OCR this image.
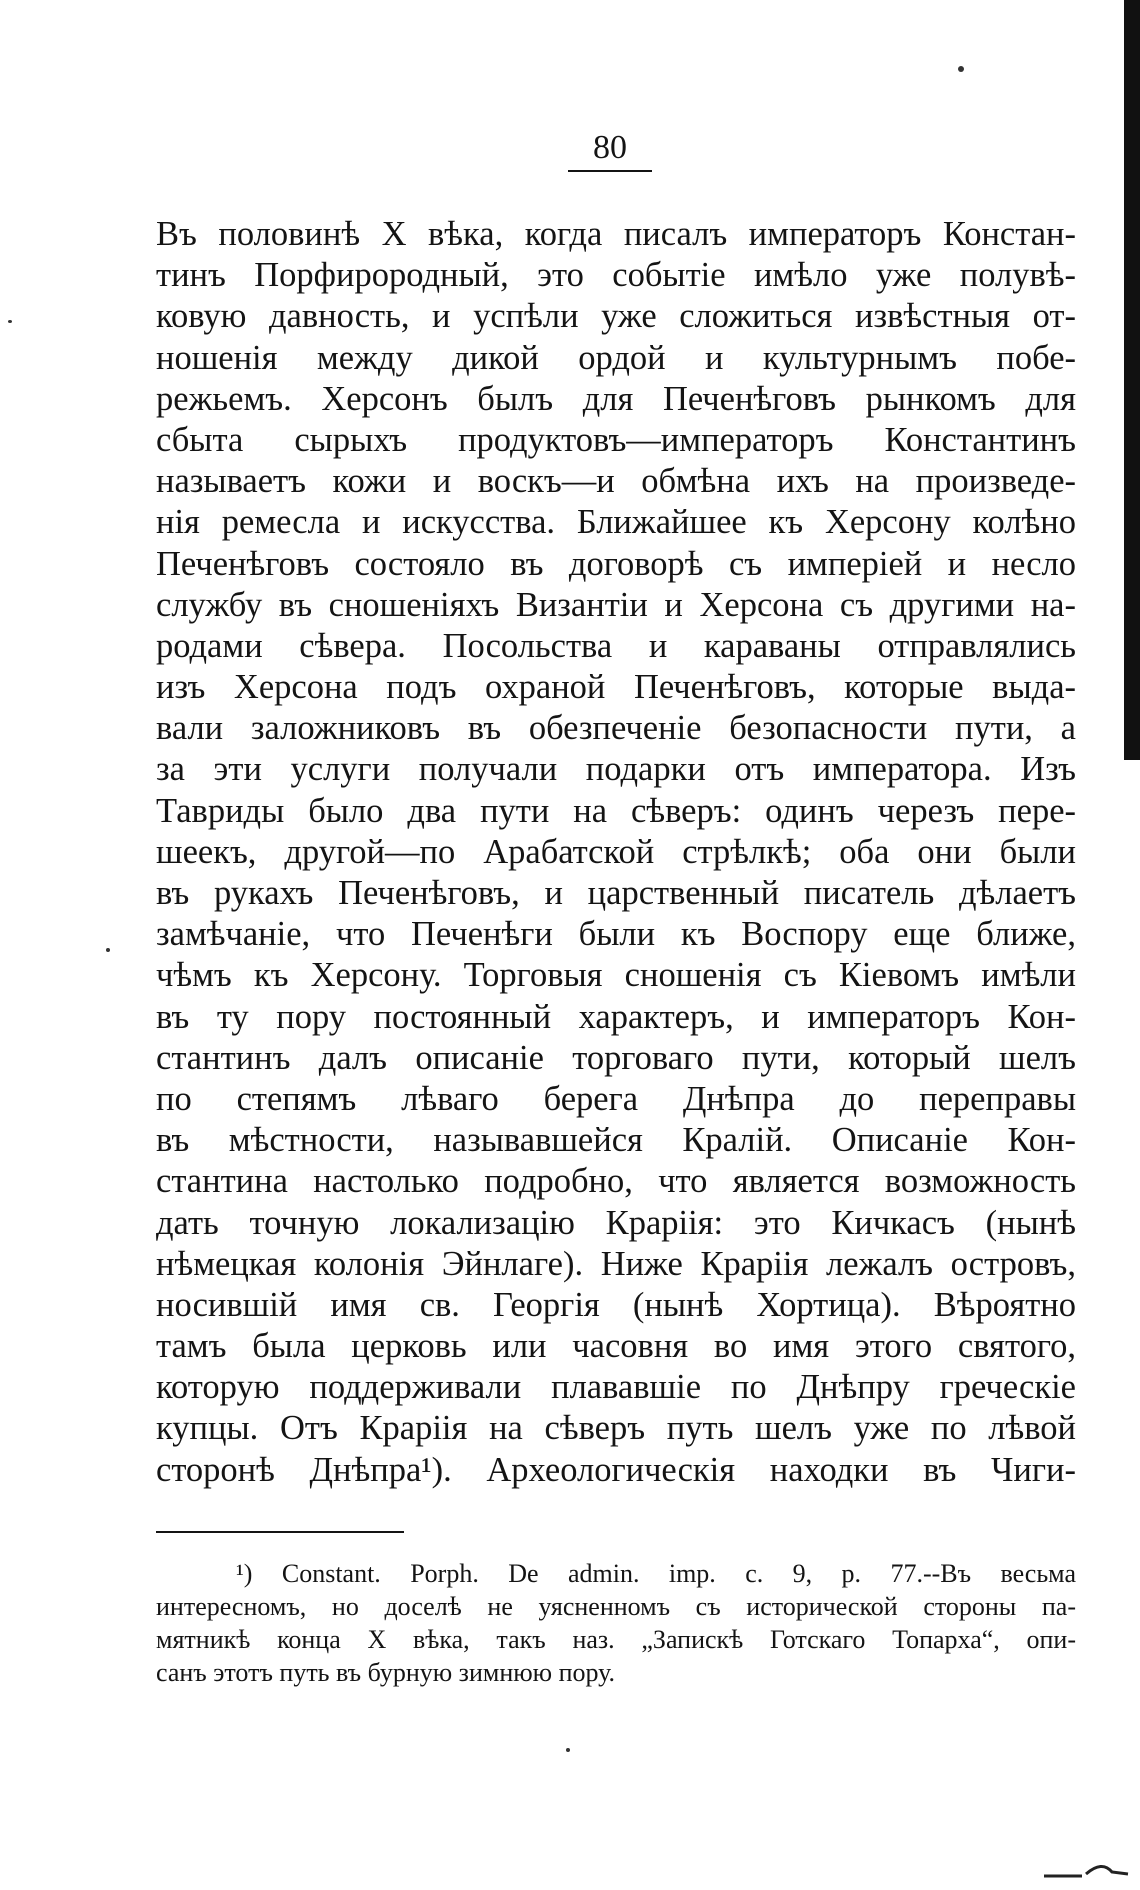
80
Въ половинѣ X вѣка, когда писалъ императоръ Констан-
тинъ Порфирородный, это событіе имѣло уже полувѣ-
ковую давность, и успѣли уже сложиться извѣстныя от-
ношенія между дикой ордой и культурнымъ побе-
режьемъ. Херсонъ былъ для Печенѣговъ рынкомъ для
сбыта сырыхъ продуктовъ—императоръ Константинъ
называетъ кожи и воскъ—и обмѣна ихъ на произведе-
нія ремесла и искусства. Ближайшее къ Херсону колѣно
Печенѣговъ состояло въ договорѣ съ имперіей и несло
службу въ сношеніяхъ Византіи и Херсона съ другими на-
родами сѣвера. Посольства и караваны отправлялись
изъ Херсона подъ охраной Печенѣговъ, которые выда-
вали заложниковъ въ обезпеченіе безопасности пути, а
за эти услуги получали подарки отъ императора. Изъ
Тавриды было два пути на сѣверъ: одинъ черезъ пере-
шеекъ, другой—по Арабатской стрѣлкѣ; оба они были
въ рукахъ Печенѣговъ, и царственный писатель дѣлаетъ
замѣчаніе, что Печенѣги были къ Воспору еще ближе,
чѣмъ къ Херсону. Торговыя сношенія съ Кіевомъ имѣли
въ ту пору постоянный характеръ, и императоръ Кон-
стантинъ далъ описаніе торговаго пути, который шелъ
по степямъ лѣваго берега Днѣпра до переправы
въ мѣстности, называвшейся Кралій. Описаніе Кон-
стантина настолько подробно, что является возможность
дать точную локализацію Краріія: это Кичкасъ (нынѣ
нѣмецкая колонія Эйнлаге). Ниже Краріія лежалъ островъ,
носившій имя св. Георгія (нынѣ Хортица). Вѣроятно
тамъ была церковь или часовня во имя этого святого,
которую поддерживали плававшіе по Днѣпру греческіе
купцы. Отъ Краріія на сѣверъ путь шелъ уже по лѣвой
сторонѣ Днѣпра¹). Археологическія находки въ Чиги-
¹) Constant. Porph. De admin. imp. c. 9, p. 77.--Въ весьма
интересномъ, но доселѣ не уясненномъ съ исторической стороны па-
мятникѣ конца X вѣка, такъ наз. „Запискѣ Готскаго Топарха“, опи-
санъ этотъ путь въ бурную зимнюю пору.
